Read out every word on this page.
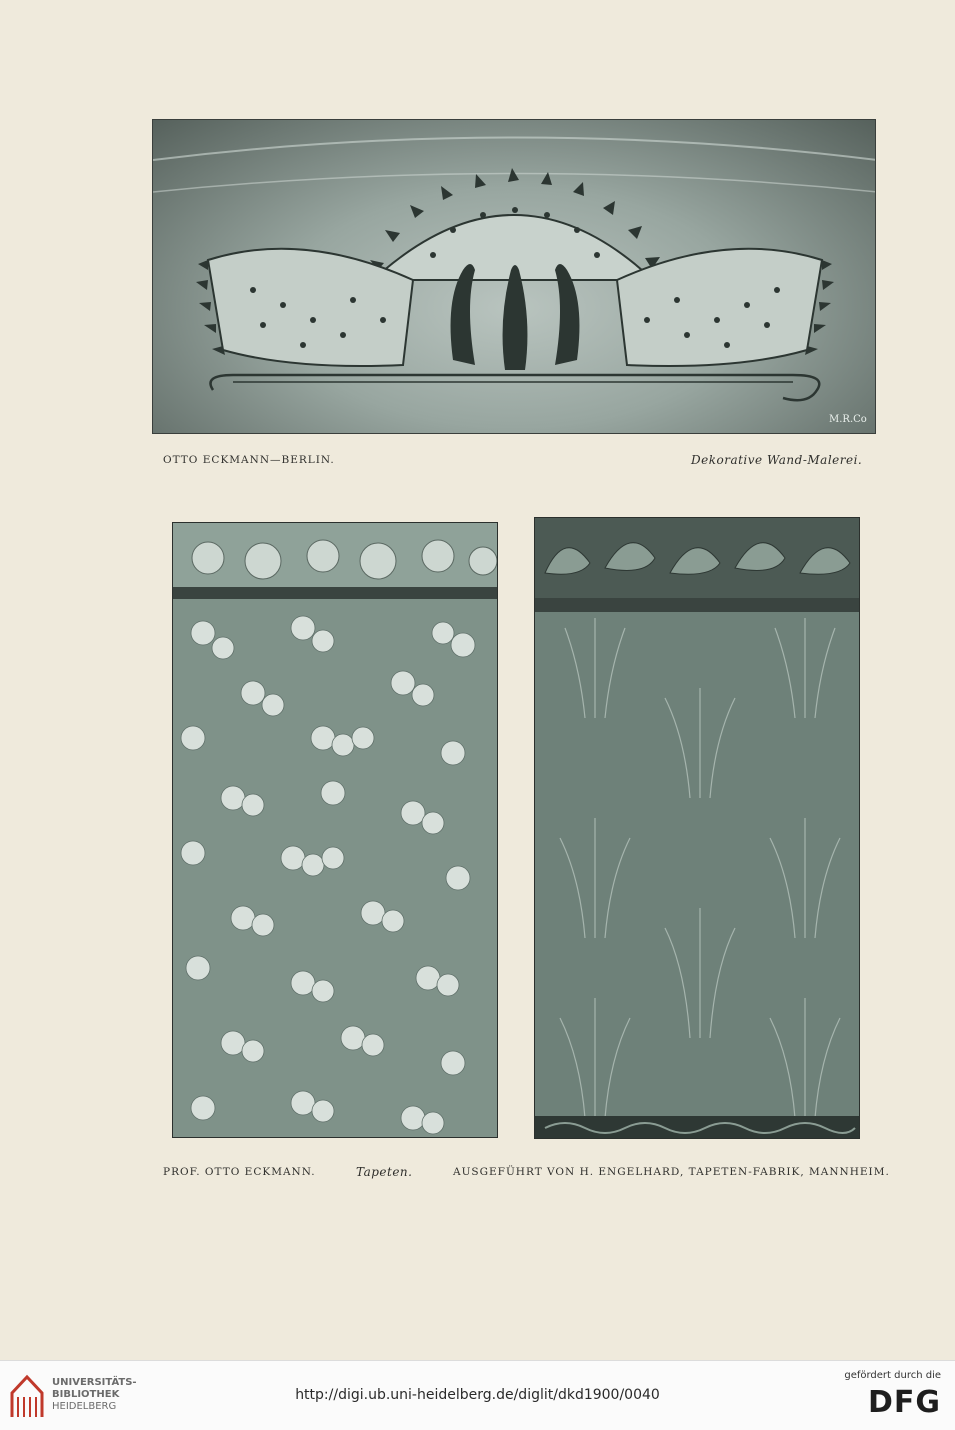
M.R.Co
OTTO ECKMANN—BERLIN.	Dekorative Wand-Malerei.
PROF. OTTO ECKMANN.	Tapeten.	AUSGEFÜHRT VON H. ENGELHARD, TAPETEN-FABRIK, MANNHEIM.
UNIVERSITÄTS-
BIBLIOTHEK
HEIDELBERG
http://digi.ub.uni-heidelberg.de/diglit/dkd1900/0040
gefördert durch die
DFG
